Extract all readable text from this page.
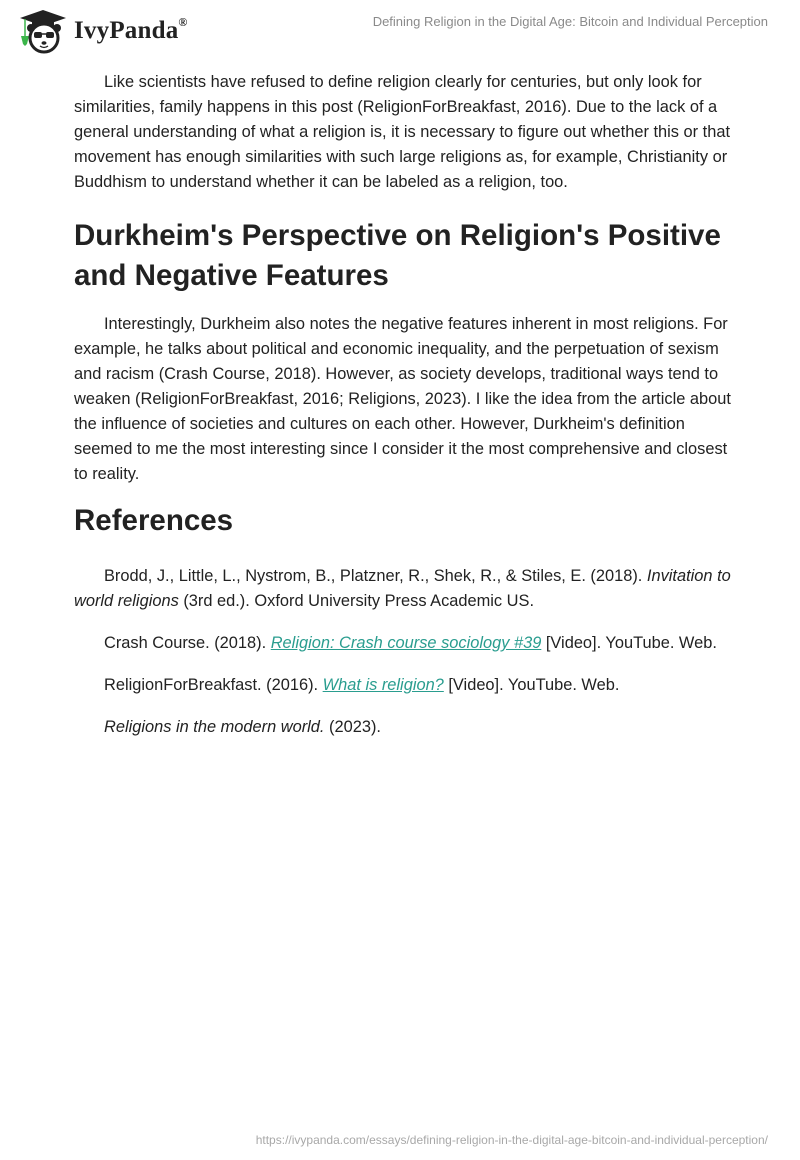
IvyPanda®	Defining Religion in the Digital Age: Bitcoin and Individual Perception

Like scientists have refused to define religion clearly for centuries, but only look for similarities, family happens in this post (ReligionForBreakfast, 2016). Due to the lack of a general understanding of what a religion is, it is necessary to figure out whether this or that movement has enough similarities with such large religions as, for example, Christianity or Buddhism to understand whether it can be labeled as a religion, too.

Durkheim's Perspective on Religion's Positive and Negative Features

Interestingly, Durkheim also notes the negative features inherent in most religions. For example, he talks about political and economic inequality, and the perpetuation of sexism and racism (Crash Course, 2018). However, as society develops, traditional ways tend to weaken (ReligionForBreakfast, 2016; Religions, 2023). I like the idea from the article about the influence of societies and cultures on each other. However, Durkheim's definition seemed to me the most interesting since I consider it the most comprehensive and closest to reality.

References

Brodd, J., Little, L., Nystrom, B., Platzner, R., Shek, R., & Stiles, E. (2018). Invitation to world religions (3rd ed.). Oxford University Press Academic US.

Crash Course. (2018). Religion: Crash course sociology #39 [Video]. YouTube. Web.

ReligionForBreakfast. (2016). What is religion? [Video]. YouTube. Web.

Religions in the modern world. (2023).

https://ivypanda.com/essays/defining-religion-in-the-digital-age-bitcoin-and-individual-perception/
